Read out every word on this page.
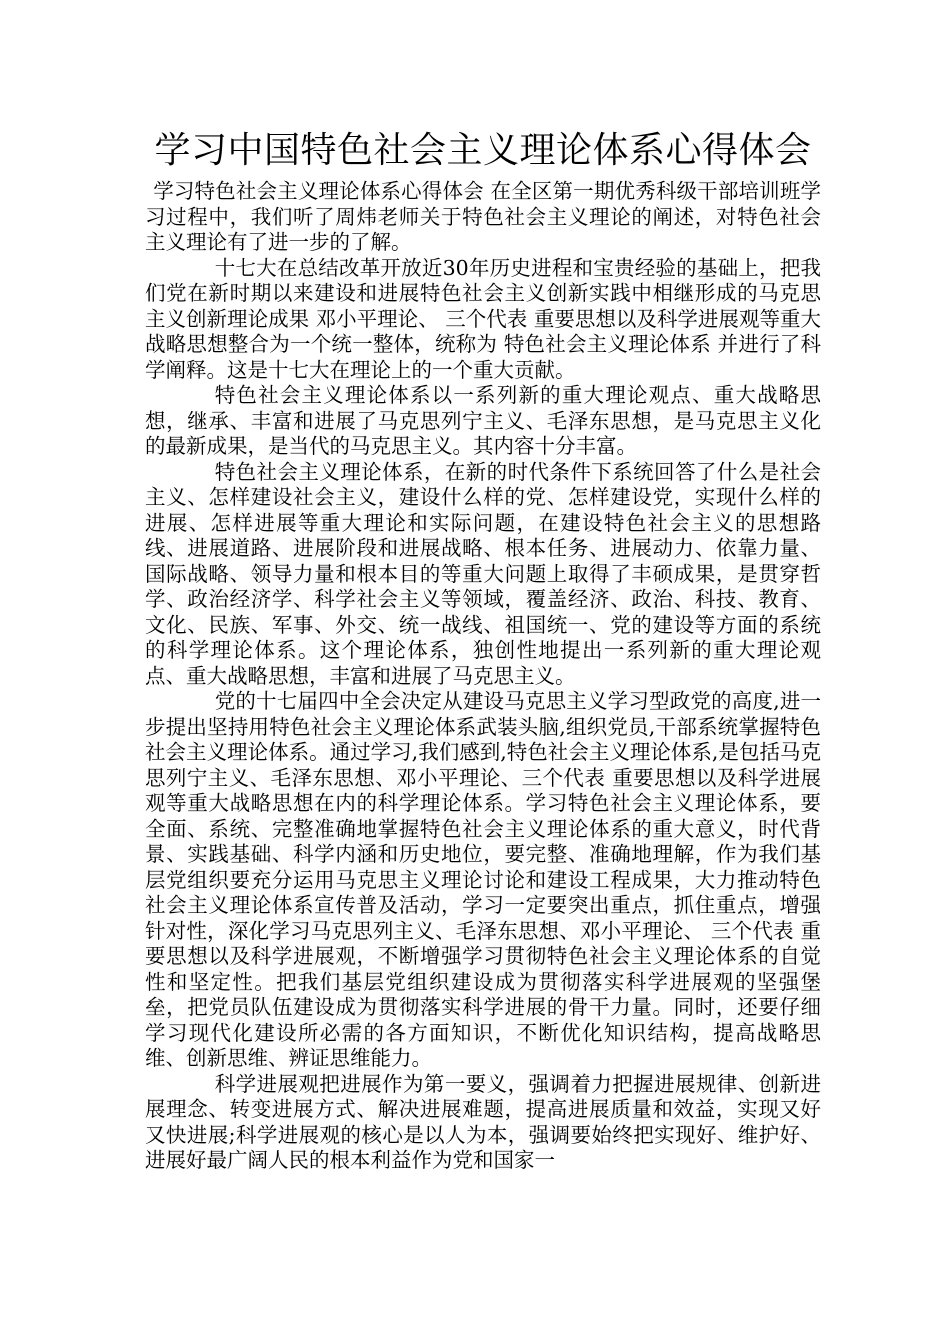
学习中国特色社会主义理论体系心得体会

学习特色社会主义理论体系心得体会 在全区第一期优秀科级干部培训班学习过程中，我们听了周炜老师关于特色社会主义理论的阐述，对特色社会主义理论有了进一步的了解。

十七大在总结改革开放近30年历史进程和宝贵经验的基础上，把我们党在新时期以来建设和进展特色社会主义创新实践中相继形成的马克思主义创新理论成果 邓小平理论、 三个代表 重要思想以及科学进展观等重大战略思想整合为一个统一整体，统称为 特色社会主义理论体系 并进行了科学阐释。这是十七大在理论上的一个重大贡献。

特色社会主义理论体系以一系列新的重大理论观点、重大战略思想，继承、丰富和进展了马克思列宁主义、毛泽东思想，是马克思主义化的最新成果，是当代的马克思主义。其内容十分丰富。

特色社会主义理论体系，在新的时代条件下系统回答了什么是社会主义、怎样建设社会主义，建设什么样的党、怎样建设党，实现什么样的进展、怎样进展等重大理论和实际问题，在建设特色社会主义的思想路线、进展道路、进展阶段和进展战略、根本任务、进展动力、依靠力量、国际战略、领导力量和根本目的等重大问题上取得了丰硕成果，是贯穿哲学、政治经济学、科学社会主义等领域，覆盖经济、政治、科技、教育、文化、民族、军事、外交、统一战线、祖国统一、党的建设等方面的系统的科学理论体系。这个理论体系，独创性地提出一系列新的重大理论观点、重大战略思想，丰富和进展了马克思主义。

党的十七届四中全会决定从建设马克思主义学习型政党的高度,进一步提出坚持用特色社会主义理论体系武装头脑,组织党员,干部系统掌握特色社会主义理论体系。通过学习,我们感到,特色社会主义理论体系,是包括马克思列宁主义、毛泽东思想、邓小平理论、三个代表 重要思想以及科学进展观等重大战略思想在内的科学理论体系。学习特色社会主义理论体系，要全面、系统、完整准确地掌握特色社会主义理论体系的重大意义，时代背景、实践基础、科学内涵和历史地位，要完整、准确地理解，作为我们基层党组织要充分运用马克思主义理论讨论和建设工程成果，大力推动特色社会主义理论体系宣传普及活动，学习一定要突出重点，抓住重点，增强针对性，深化学习马克思列主义、毛泽东思想、邓小平理论、 三个代表 重要思想以及科学进展观，不断增强学习贯彻特色社会主义理论体系的自觉性和坚定性。把我们基层党组织建设成为贯彻落实科学进展观的坚强堡垒，把党员队伍建设成为贯彻落实科学进展的骨干力量。同时，还要仔细学习现代化建设所必需的各方面知识，不断优化知识结构，提高战略思维、创新思维、辨证思维能力。

科学进展观把进展作为第一要义，强调着力把握进展规律、创新进展理念、转变进展方式、解决进展难题，提高进展质量和效益，实现又好又快进展;科学进展观的核心是以人为本，强调要始终把实现好、维护好、进展好最广阔人民的根本利益作为党和国家一
